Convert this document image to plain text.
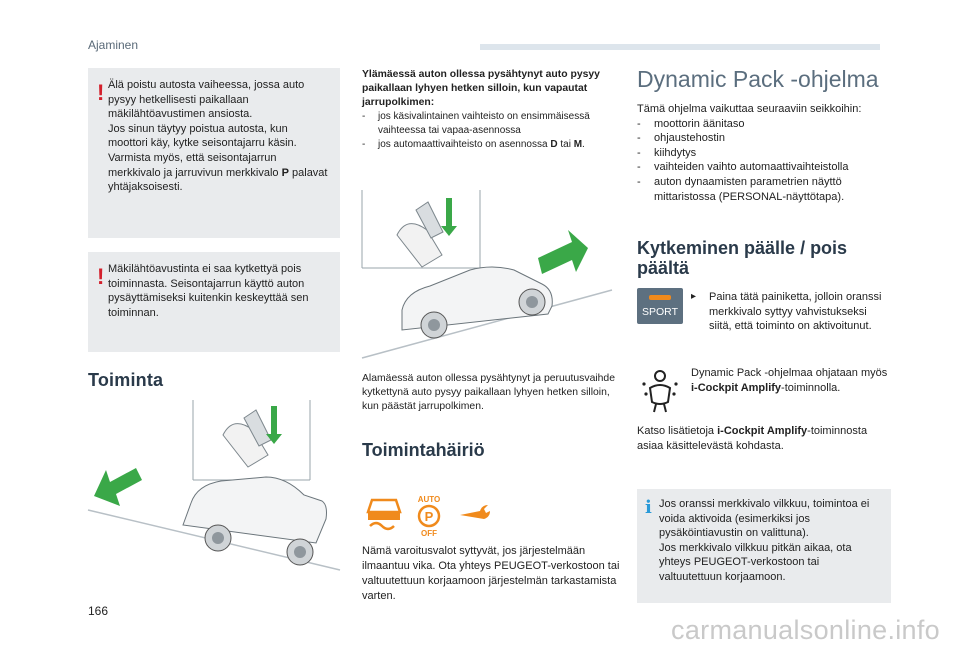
Ajaminen
! Älä poistu autosta vaiheessa, jossa auto pysyy hetkellisesti paikallaan mäkilähtöavustimen ansiosta.
Jos sinun täytyy poistua autosta, kun moottori käy, kytke seisontajarru käsin. Varmista myös, että seisontajarrun merkkivalo ja jarruvivun merkkivalo P palavat yhtäjaksoisesti.

! Mäkilähtöavustinta ei saa kytkettyä pois toiminnasta. Seisontajarrun käyttö auton pysäyttämiseksi kuitenkin keskeyttää sen toiminnan.

Toiminta
Ylämäessä auton ollessa pysähtynyt auto pysyy paikallaan lyhyen hetken silloin, kun vapautat jarrupolkimen:
- jos käsivalintainen vaihteisto on ensimmäisessä vaihteessa tai vapaa-asennossa
- jos automaattivaihteisto on asennossa D tai M.
Alamäessä auton ollessa pysähtynyt ja peruutusvaihde kytkettynä auto pysyy paikallaan lyhyen hetken silloin, kun päästät jarrupolkimen.
Toimintahäiriö
AUTO
P
OFF
Nämä varoitusvalot syttyvät, jos järjestelmään ilmaantuu vika. Ota yhteys PEUGEOT-verkostoon tai valtuutettuun korjaamoon järjestelmän tarkastamista varten.
Dynamic Pack -ohjelma
Tämä ohjelma vaikuttaa seuraaviin seikkoihin:
- moottorin äänitaso
- ohjaustehostin
- kiihdytys
- vaihteiden vaihto automaattivaihteistolla
- auton dynaamisten parametrien näyttö mittaristossa (PERSONAL-näyttötapa).
Kytkeminen päälle / pois päältä
SPORT
▸ Paina tätä painiketta, jolloin oranssi merkkivalo syttyy vahvistukseksi siitä, että toiminto on aktivoitunut.
Dynamic Pack -ohjelmaa ohjataan myös i-Cockpit Amplify-toiminnolla.
Katso lisätietoja i-Cockpit Amplify-toiminnosta asiaa käsittelevästä kohdasta.
i Jos oranssi merkkivalo vilkkuu, toimintoa ei voida aktivoida (esimerkiksi jos pysäköintiavustin on valittuna).
Jos merkkivalo vilkkuu pitkän aikaa, ota yhteys PEUGEOT-verkostoon tai valtuutettuun korjaamoon.

166
carmanualsonline.info
